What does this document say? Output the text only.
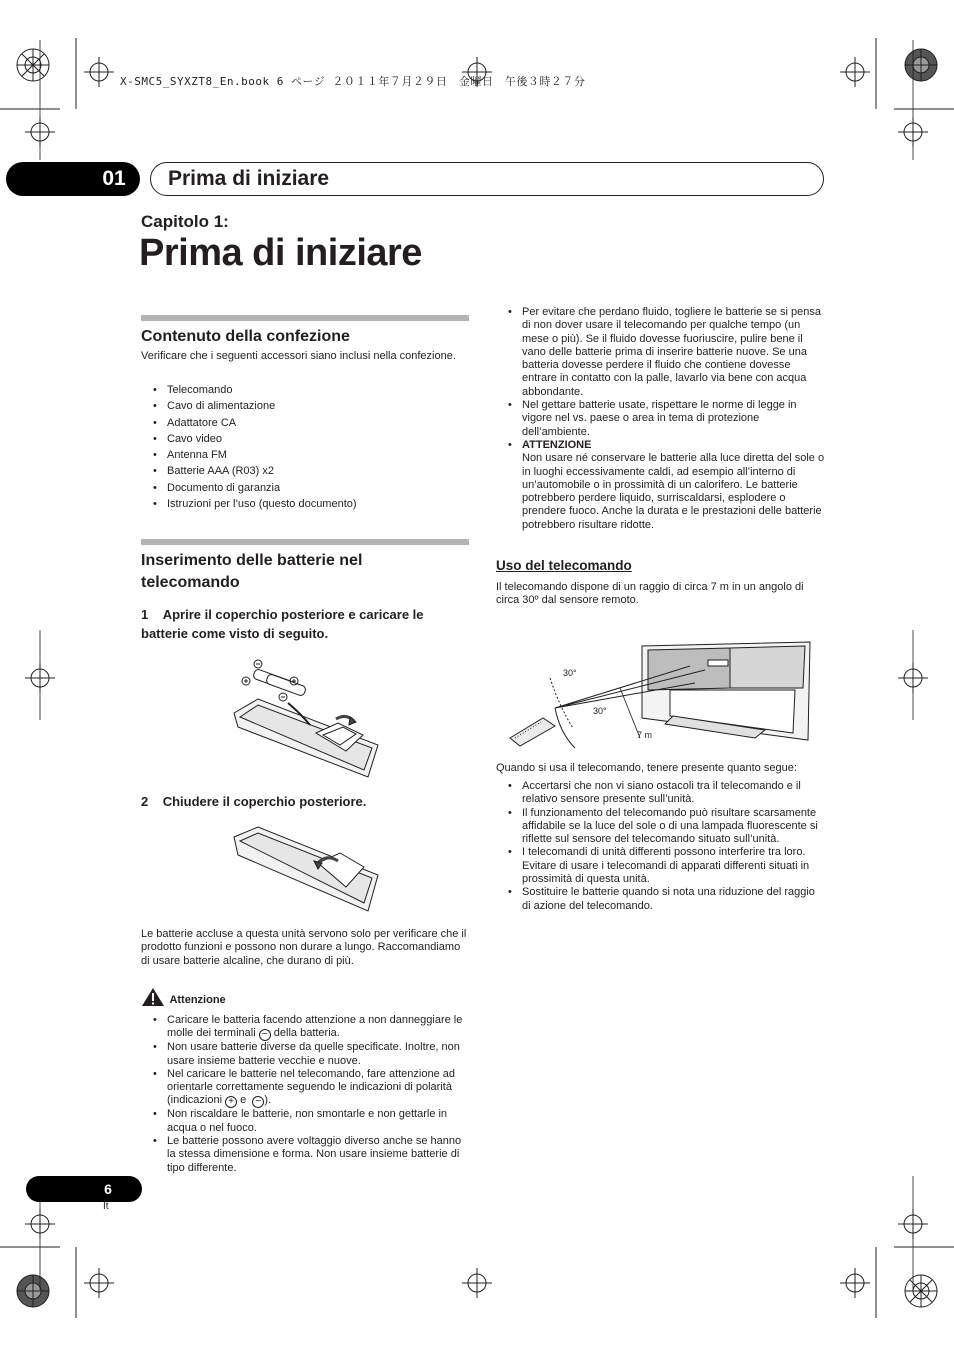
X-SMC5_SYXZT8_En.book 6 ページ ２０１１年７月２９日　金曜日　午後３時２７分
01	Prima di iniziare
Capitolo 1:
Prima di iniziare
Contenuto della confezione
Verificare che i seguenti accessori siano inclusi nella confezione.
• Telecomando
• Cavo di alimentazione
• Adattatore CA
• Cavo video
• Antenna FM
• Batterie AAA (R03) x2
• Documento di garanzia
• Istruzioni per l’uso (questo documento)
Inserimento delle batterie nel
telecomando
1 Aprire il coperchio posteriore e caricare le
batterie come visto di seguito.
2 Chiudere il coperchio posteriore.
Le batterie accluse a questa unità servono solo per verificare che il prodotto funzioni e possono non durare a lungo. Raccomandiamo di usare batterie alcaline, che durano di più.
Attenzione
• Caricare le batteria facendo attenzione a non danneggiare le molle dei terminali − della batteria.
• Non usare batterie diverse da quelle specificate. Inoltre, non usare insieme batterie vecchie e nuove.
• Nel caricare le batterie nel telecomando, fare attenzione ad orientarle correttamente seguendo le indicazioni di polarità (indicazioni + e − ).
• Non riscaldare le batterie, non smontarle e non gettarle in acqua o nel fuoco.
• Le batterie possono avere voltaggio diverso anche se hanno la stessa dimensione e forma. Non usare insieme batterie di tipo differente.
• Per evitare che perdano fluido, togliere le batterie se si pensa di non dover usare il telecomando per qualche tempo (un mese o più). Se il fluido dovesse fuoriuscire, pulire bene il vano delle batterie prima di inserire batterie nuove. Se una batteria dovesse perdere il fluido che contiene dovesse entrare in contatto con la palle, lavarlo via bene con acqua abbondante.
• Nel gettare batterie usate, rispettare le norme di legge in vigore nel vs. paese o area in tema di protezione dell’ambiente.
• ATTENZIONE
Non usare né conservare le batterie alla luce diretta del sole o in luoghi eccessivamente caldi, ad esempio all’interno di un’automobile o in prossimità di un calorifero. Le batterie potrebbero perdere liquido, surriscaldarsi, esplodere o prendere fuoco. Anche la durata e le prestazioni delle batterie potrebbero risultare ridotte.
Uso del telecomando
Il telecomando dispone di un raggio di circa 7 m in un angolo di circa 30º dal sensore remoto.
30°
30°
7 m
Quando si usa il telecomando, tenere presente quanto segue:
• Accertarsi che non vi siano ostacoli tra il telecomando e il relativo sensore presente sull’unità.
• Il funzionamento del telecomando può risultare scarsamente affidabile se la luce del sole o di una lampada fluorescente si riflette sul sensore del telecomando situato sull’unità.
• I telecomandi di unità differenti possono interferire tra loro. Evitare di usare i telecomandi di apparati differenti situati in prossimità di questa unità.
• Sostituire le batterie quando si nota una riduzione del raggio di azione del telecomando.
6
It
